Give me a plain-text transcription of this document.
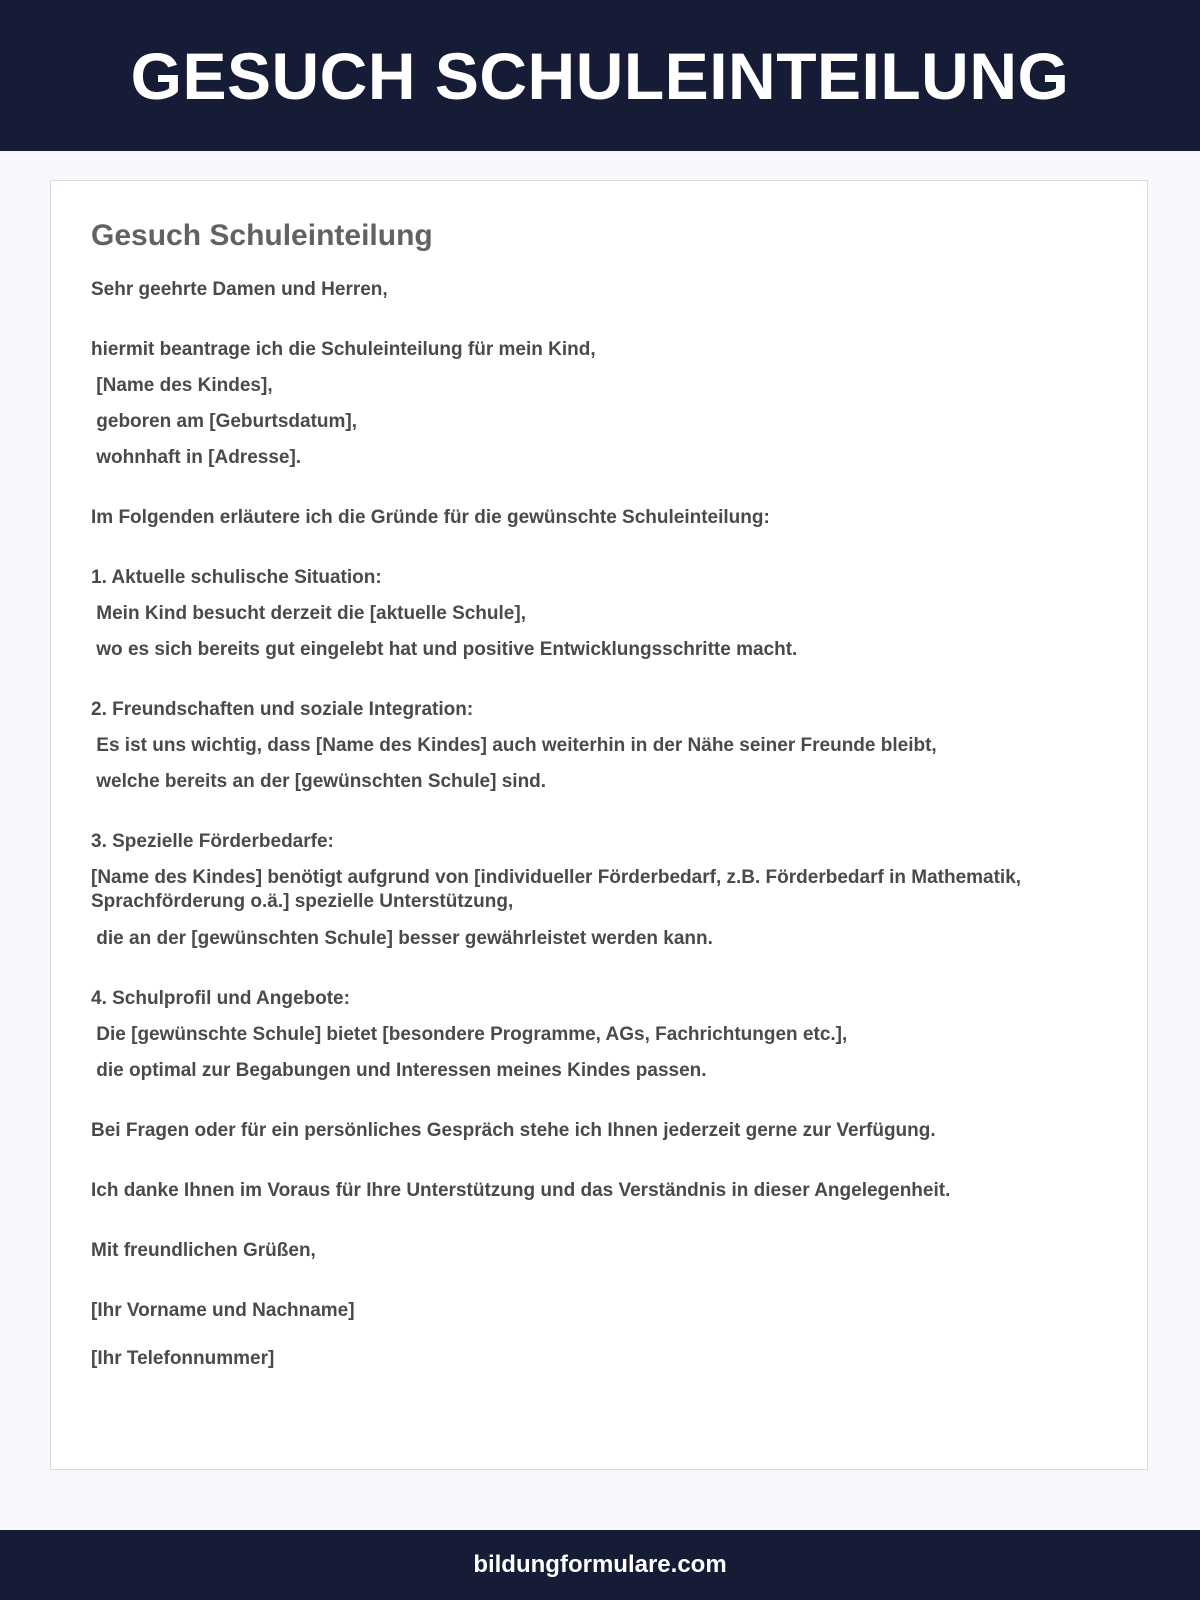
GESUCH SCHULEINTEILUNG
Gesuch Schuleinteilung
Sehr geehrte Damen und Herren,
hiermit beantrage ich die Schuleinteilung für mein Kind,
[Name des Kindes],
geboren am [Geburtsdatum],
wohnhaft in [Adresse].
Im Folgenden erläutere ich die Gründe für die gewünschte Schuleinteilung:
1. Aktuelle schulische Situation:
Mein Kind besucht derzeit die [aktuelle Schule],
wo es sich bereits gut eingelebt hat und positive Entwicklungsschritte macht.
2. Freundschaften und soziale Integration:
Es ist uns wichtig, dass [Name des Kindes] auch weiterhin in der Nähe seiner Freunde bleibt,
welche bereits an der [gewünschten Schule] sind.
3. Spezielle Förderbedarfe:
[Name des Kindes] benötigt aufgrund von [individueller Förderbedarf, z.B. Förderbedarf in Mathematik, Sprachförderung o.ä.] spezielle Unterstützung,
die an der [gewünschten Schule] besser gewährleistet werden kann.
4. Schulprofil und Angebote:
Die [gewünschte Schule] bietet [besondere Programme, AGs, Fachrichtungen etc.],
die optimal zur Begabungen und Interessen meines Kindes passen.
Bei Fragen oder für ein persönliches Gespräch stehe ich Ihnen jederzeit gerne zur Verfügung.
Ich danke Ihnen im Voraus für Ihre Unterstützung und das Verständnis in dieser Angelegenheit.
Mit freundlichen Grüßen,
[Ihr Vorname und Nachname]
[Ihr Telefonnummer]
bildungformulare.com
